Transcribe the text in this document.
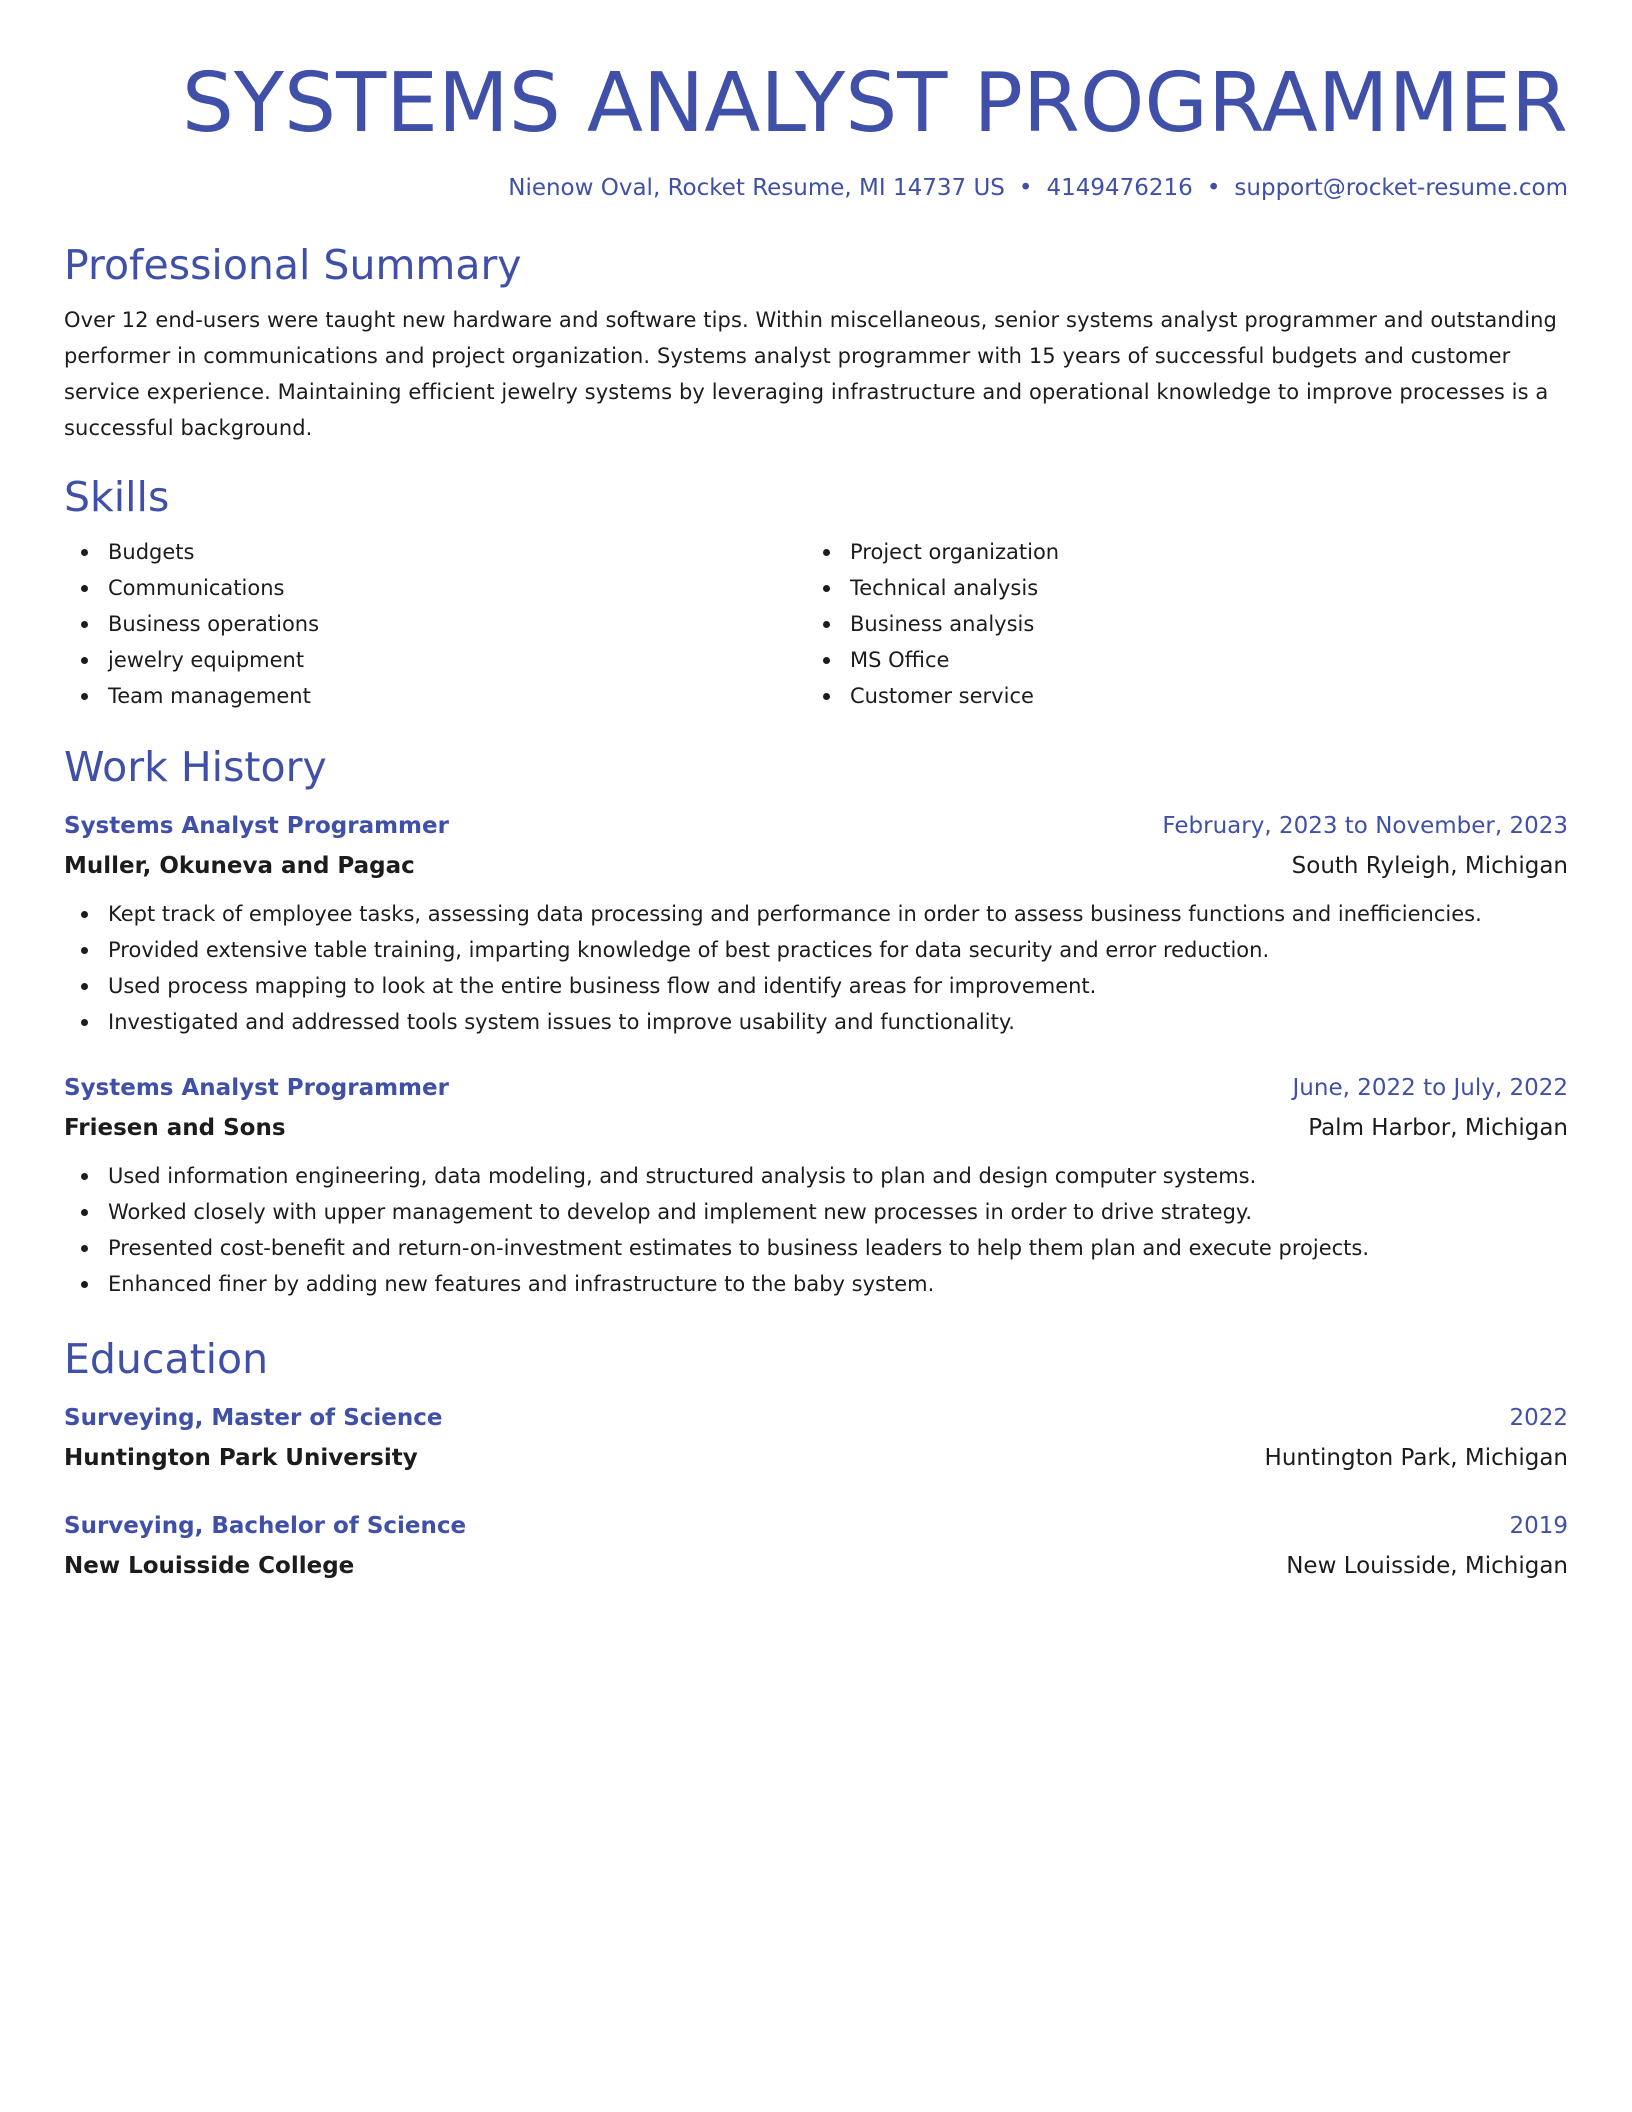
SYSTEMS ANALYST PROGRAMMER
Nienow Oval, Rocket Resume, MI 14737 US • 4149476216 • support@rocket-resume.com
Professional Summary
Over 12 end-users were taught new hardware and software tips. Within miscellaneous, senior systems analyst programmer and outstanding performer in communications and project organization. Systems analyst programmer with 15 years of successful budgets and customer service experience. Maintaining efficient jewelry systems by leveraging infrastructure and operational knowledge to improve processes is a successful background.
Skills
Budgets
Communications
Business operations
jewelry equipment
Team management
Project organization
Technical analysis
Business analysis
MS Office
Customer service
Work History
Systems Analyst Programmer	February, 2023 to November, 2023
Muller, Okuneva and Pagac	South Ryleigh, Michigan
Kept track of employee tasks, assessing data processing and performance in order to assess business functions and inefficiencies.
Provided extensive table training, imparting knowledge of best practices for data security and error reduction.
Used process mapping to look at the entire business flow and identify areas for improvement.
Investigated and addressed tools system issues to improve usability and functionality.
Systems Analyst Programmer	June, 2022 to July, 2022
Friesen and Sons	Palm Harbor, Michigan
Used information engineering, data modeling, and structured analysis to plan and design computer systems.
Worked closely with upper management to develop and implement new processes in order to drive strategy.
Presented cost-benefit and return-on-investment estimates to business leaders to help them plan and execute projects.
Enhanced finer by adding new features and infrastructure to the baby system.
Education
Surveying, Master of Science	2022
Huntington Park University	Huntington Park, Michigan
Surveying, Bachelor of Science	2019
New Louisside College	New Louisside, Michigan
